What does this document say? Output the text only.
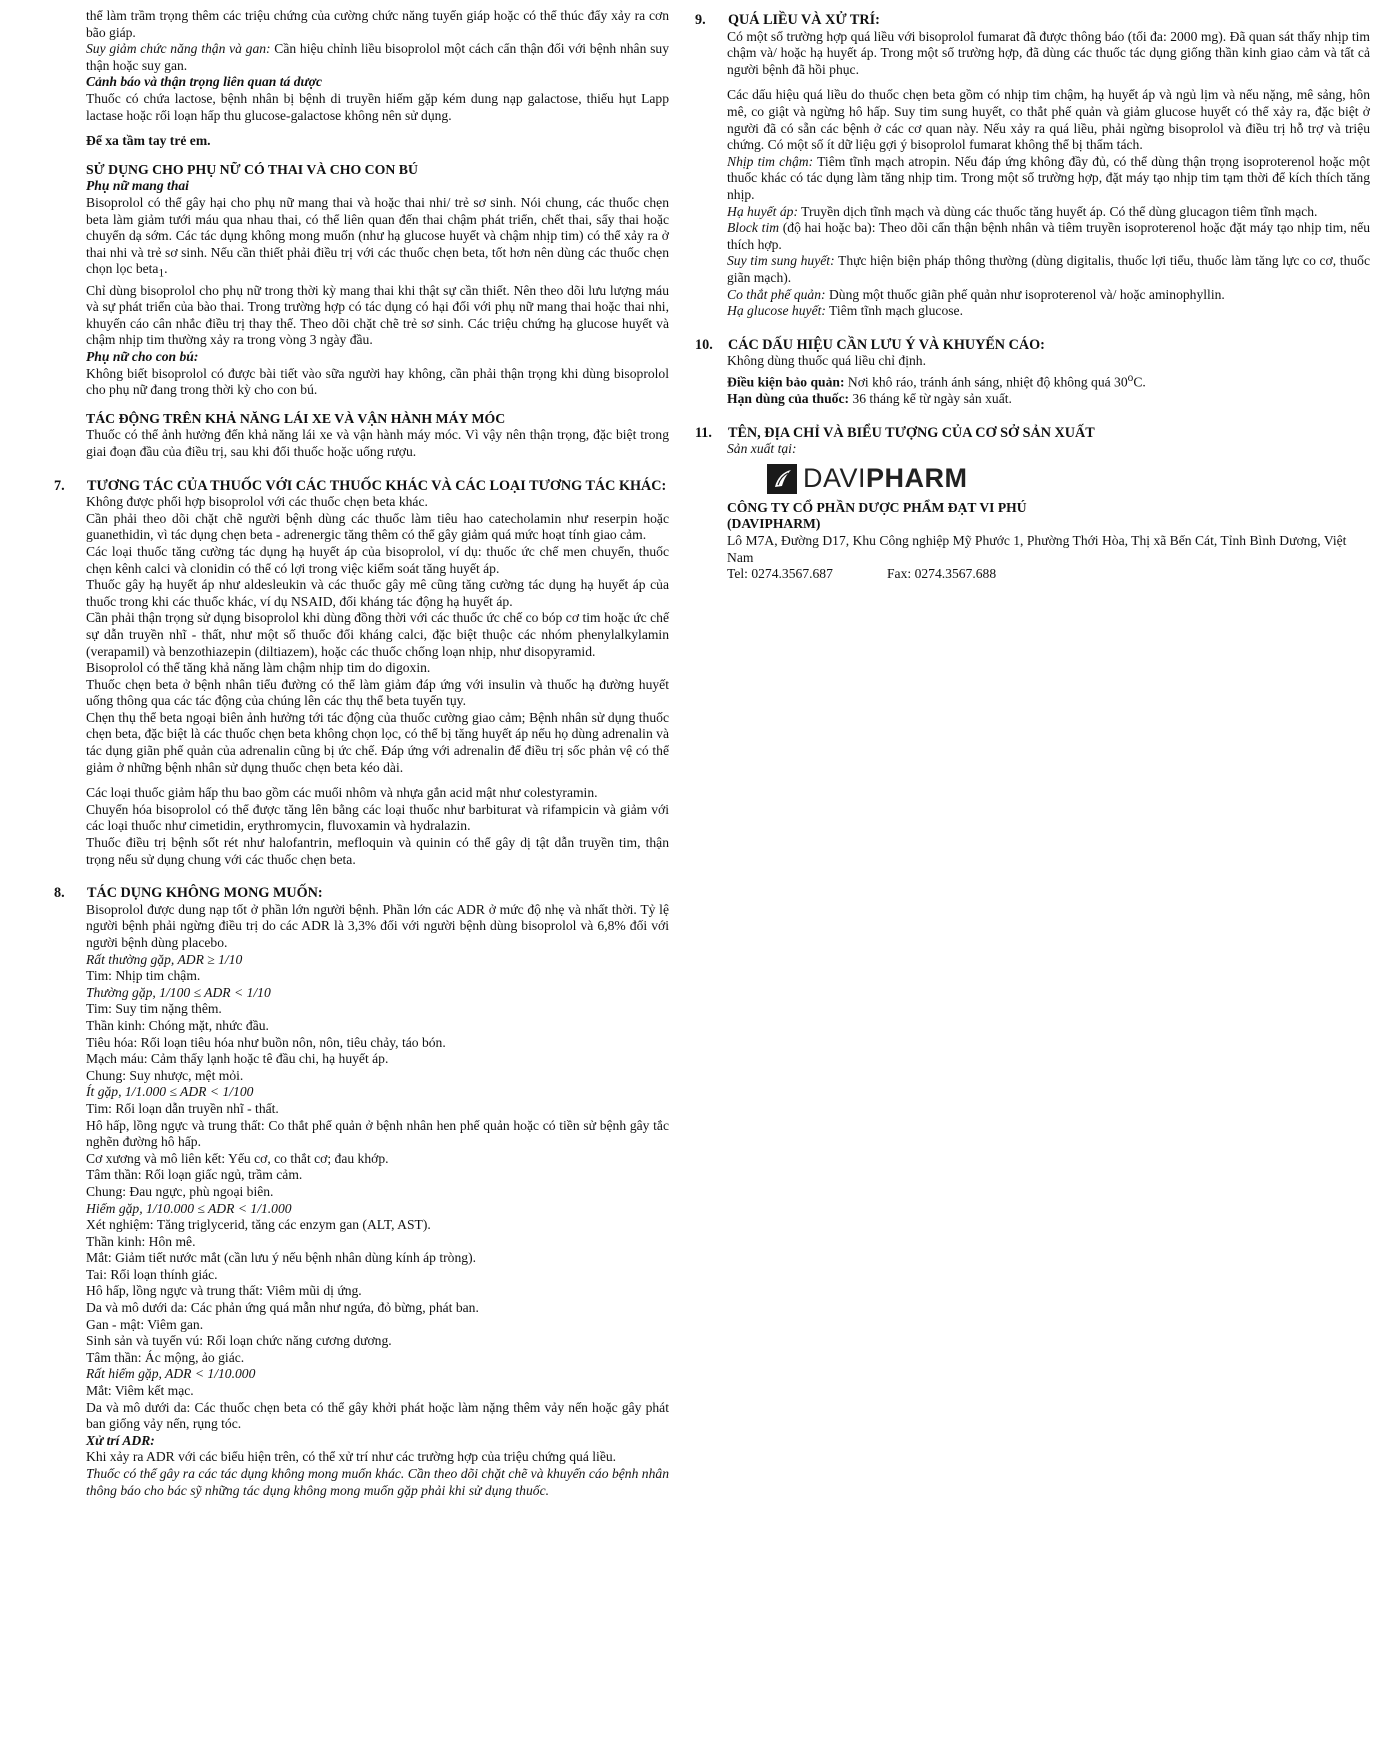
thể làm trầm trọng thêm các triệu chứng của cường chức năng tuyến giáp hoặc có thể thúc đẩy xảy ra cơn bão giáp.

Suy giảm chức năng thận và gan: Cần hiệu chỉnh liều bisoprolol một cách cẩn thận đối với bệnh nhân suy thận hoặc suy gan.

Cảnh báo và thận trọng liên quan tá dược

Thuốc có chứa lactose, bệnh nhân bị bệnh di truyền hiếm gặp kém dung nạp galactose, thiếu hụt Lapp lactase hoặc rối loạn hấp thu glucose-galactose không nên sử dụng.

Để xa tầm tay trẻ em.

SỬ DỤNG CHO PHỤ NỮ CÓ THAI VÀ CHO CON BÚ

Phụ nữ mang thai

Bisoprolol có thể gây hại cho phụ nữ mang thai và hoặc thai nhi/ trẻ sơ sinh. Nói chung, các thuốc chẹn beta làm giảm tưới máu qua nhau thai, có thể liên quan đến thai chậm phát triển, chết thai, sẩy thai hoặc chuyển dạ sớm. Các tác dụng không mong muốn (như hạ glucose huyết và chậm nhịp tim) có thể xảy ra ở thai nhi và trẻ sơ sinh. Nếu cần thiết phải điều trị với các thuốc chẹn beta, tốt hơn nên dùng các thuốc chẹn chọn lọc beta$_1$.

Chỉ dùng bisoprolol cho phụ nữ trong thời kỳ mang thai khi thật sự cần thiết. Nên theo dõi lưu lượng máu và sự phát triển của bào thai. Trong trường hợp có tác dụng có hại đối với phụ nữ mang thai hoặc thai nhi, khuyến cáo cân nhắc điều trị thay thế. Theo dõi chặt chẽ trẻ sơ sinh. Các triệu chứng hạ glucose huyết và chậm nhịp tim thường xảy ra trong vòng 3 ngày đầu.

Phụ nữ cho con bú:

Không biết bisoprolol có được bài tiết vào sữa người hay không, cần phải thận trọng khi dùng bisoprolol cho phụ nữ đang trong thời kỳ cho con bú.

TÁC ĐỘNG TRÊN KHẢ NĂNG LÁI XE VÀ VẬN HÀNH MÁY MÓC

Thuốc có thể ảnh hưởng đến khả năng lái xe và vận hành máy móc. Vì vậy nên thận trọng, đặc biệt trong giai đoạn đầu của điều trị, sau khi đổi thuốc hoặc uống rượu.

7.	TƯƠNG TÁC CỦA THUỐC VỚI CÁC THUỐC KHÁC VÀ CÁC LOẠI TƯƠNG TÁC KHÁC:

Không được phối hợp bisoprolol với các thuốc chẹn beta khác.

Cần phải theo dõi chặt chẽ người bệnh dùng các thuốc làm tiêu hao catecholamin như reserpin hoặc guanethidin, vì tác dụng chẹn beta - adrenergic tăng thêm có thể gây giảm quá mức hoạt tính giao cảm.

Các loại thuốc tăng cường tác dụng hạ huyết áp của bisoprolol, ví dụ: thuốc ức chế men chuyển, thuốc chẹn kênh calci và clonidin có thể có lợi trong việc kiểm soát tăng huyết áp.

Thuốc gây hạ huyết áp như aldesleukin và các thuốc gây mê cũng tăng cường tác dụng hạ huyết áp của thuốc trong khi các thuốc khác, ví dụ NSAID, đối kháng tác động hạ huyết áp.

Cần phải thận trọng sử dụng bisoprolol khi dùng đồng thời với các thuốc ức chế co bóp cơ tim hoặc ức chế sự dẫn truyền nhĩ - thất, như một số thuốc đối kháng calci, đặc biệt thuộc các nhóm phenylalkylamin (verapamil) và benzothiazepin (diltiazem), hoặc các thuốc chống loạn nhịp, như disopyramid.

Bisoprolol có thể tăng khả năng làm chậm nhịp tim do digoxin.

Thuốc chẹn beta ở bệnh nhân tiểu đường có thể làm giảm đáp ứng với insulin và thuốc hạ đường huyết uống thông qua các tác động của chúng lên các thụ thể beta tuyến tụy.

Chẹn thụ thể beta ngoại biên ảnh hưởng tới tác động của thuốc cường giao cảm; Bệnh nhân sử dụng thuốc chẹn beta, đặc biệt là các thuốc chẹn beta không chọn lọc, có thể bị tăng huyết áp nếu họ dùng adrenalin và tác dụng giãn phế quản của adrenalin cũng bị ức chế. Đáp ứng với adrenalin để điều trị sốc phản vệ có thể giảm ở những bệnh nhân sử dụng thuốc chẹn beta kéo dài.

Các loại thuốc giảm hấp thu bao gồm các muối nhôm và nhựa gắn acid mật như colestyramin.

Chuyển hóa bisoprolol có thể được tăng lên bằng các loại thuốc như barbiturat và rifampicin và giảm với các loại thuốc như cimetidin, erythromycin, fluvoxamin và hydralazin.

Thuốc điều trị bệnh sốt rét như halofantrin, mefloquin và quinin có thể gây dị tật dẫn truyền tim, thận trọng nếu sử dụng chung với các thuốc chẹn beta.

8.	TÁC DỤNG KHÔNG MONG MUỐN:

Bisoprolol được dung nạp tốt ở phần lớn người bệnh. Phần lớn các ADR ở mức độ nhẹ và nhất thời. Tỷ lệ người bệnh phải ngừng điều trị do các ADR là 3,3% đối với người bệnh dùng bisoprolol và 6,8% đối với người bệnh dùng placebo.

Rất thường gặp, ADR ≥ 1/10

Tim: Nhịp tim chậm.

Thường gặp, 1/100 ≤ ADR < 1/10

Tim: Suy tim nặng thêm.

Thần kinh: Chóng mặt, nhức đầu.

Tiêu hóa: Rối loạn tiêu hóa như buồn nôn, nôn, tiêu chảy, táo bón.

Mạch máu: Cảm thấy lạnh hoặc tê đầu chi, hạ huyết áp.

Chung: Suy nhược, mệt mỏi.

Ít gặp, 1/1.000 ≤ ADR < 1/100

Tim: Rối loạn dẫn truyền nhĩ - thất.

Hô hấp, lồng ngực và trung thất: Co thắt phế quản ở bệnh nhân hen phế quản hoặc có tiền sử bệnh gây tắc nghẽn đường hô hấp.

Cơ xương và mô liên kết: Yếu cơ, co thắt cơ; đau khớp.

Tâm thần: Rối loạn giấc ngủ, trầm cảm.

Chung: Đau ngực, phù ngoại biên.

Hiếm gặp, 1/10.000 ≤ ADR < 1/1.000

Xét nghiệm: Tăng triglycerid, tăng các enzym gan (ALT, AST).

Thần kinh: Hôn mê.

Mắt: Giảm tiết nước mắt (cần lưu ý nếu bệnh nhân dùng kính áp tròng).

Tai: Rối loạn thính giác.

Hô hấp, lồng ngực và trung thất: Viêm mũi dị ứng.

Da và mô dưới da: Các phản ứng quá mẫn như ngứa, đỏ bừng, phát ban.

Gan - mật: Viêm gan.

Sinh sản và tuyến vú: Rối loạn chức năng cương dương.

Tâm thần: Ác mộng, ảo giác.

Rất hiếm gặp, ADR < 1/10.000

Mắt: Viêm kết mạc.

Da và mô dưới da: Các thuốc chẹn beta có thể gây khởi phát hoặc làm nặng thêm vảy nến hoặc gây phát ban giống vảy nến, rụng tóc.

Xử trí ADR:

Khi xảy ra ADR với các biểu hiện trên, có thể xử trí như các trường hợp của triệu chứng quá liều.

Thuốc có thể gây ra các tác dụng không mong muốn khác. Cần theo dõi chặt chẽ và khuyến cáo bệnh nhân thông báo cho bác sỹ những tác dụng không mong muốn gặp phải khi sử dụng thuốc.

9.	QUÁ LIỀU VÀ XỬ TRÍ:

Có một số trường hợp quá liều với bisoprolol fumarat đã được thông báo (tối đa: 2000 mg). Đã quan sát thấy nhịp tim chậm và/ hoặc hạ huyết áp. Trong một số trường hợp, đã dùng các thuốc tác dụng giống thần kinh giao cảm và tất cả người bệnh đã hồi phục.

Các dấu hiệu quá liều do thuốc chẹn beta gồm có nhịp tim chậm, hạ huyết áp và ngủ lịm và nếu nặng, mê sảng, hôn mê, co giật và ngừng hô hấp. Suy tim sung huyết, co thắt phế quản và giảm glucose huyết có thể xảy ra, đặc biệt ở người đã có sẵn các bệnh ở các cơ quan này. Nếu xảy ra quá liều, phải ngừng bisoprolol và điều trị hỗ trợ và triệu chứng. Có một số ít dữ liệu gợi ý bisoprolol fumarat không thể bị thẩm tách.

Nhịp tim chậm: Tiêm tĩnh mạch atropin. Nếu đáp ứng không đầy đủ, có thể dùng thận trọng isoproterenol hoặc một thuốc khác có tác dụng làm tăng nhịp tim. Trong một số trường hợp, đặt máy tạo nhịp tim tạm thời để kích thích tăng nhịp.

Hạ huyết áp: Truyền dịch tĩnh mạch và dùng các thuốc tăng huyết áp. Có thể dùng glucagon tiêm tĩnh mạch.

Block tim (độ hai hoặc ba): Theo dõi cẩn thận bệnh nhân và tiêm truyền isoproterenol hoặc đặt máy tạo nhịp tim, nếu thích hợp.

Suy tim sung huyết: Thực hiện biện pháp thông thường (dùng digitalis, thuốc lợi tiểu, thuốc làm tăng lực co cơ, thuốc giãn mạch).

Co thắt phế quản: Dùng một thuốc giãn phế quản như isoproterenol và/ hoặc aminophyllin.

Hạ glucose huyết: Tiêm tĩnh mạch glucose.

10.	CÁC DẤU HIỆU CẦN LƯU Ý VÀ KHUYẾN CÁO:

Không dùng thuốc quá liều chỉ định.

Điều kiện bảo quản: Nơi khô ráo, tránh ánh sáng, nhiệt độ không quá 30$^o$C.

Hạn dùng của thuốc: 36 tháng kể từ ngày sản xuất.

11.	TÊN, ĐỊA CHỈ VÀ BIỂU TƯỢNG CỦA CƠ SỞ SẢN XUẤT

Sản xuất tại:

DAVIPHARM

CÔNG TY CỔ PHẦN DƯỢC PHẨM ĐẠT VI PHÚ

(DAVIPHARM)

Lô M7A, Đường D17, Khu Công nghiệp Mỹ Phước 1, Phường Thới Hòa, Thị xã Bến Cát, Tỉnh Bình Dương, Việt Nam

Tel: 0274.3567.687	Fax: 0274.3567.688
